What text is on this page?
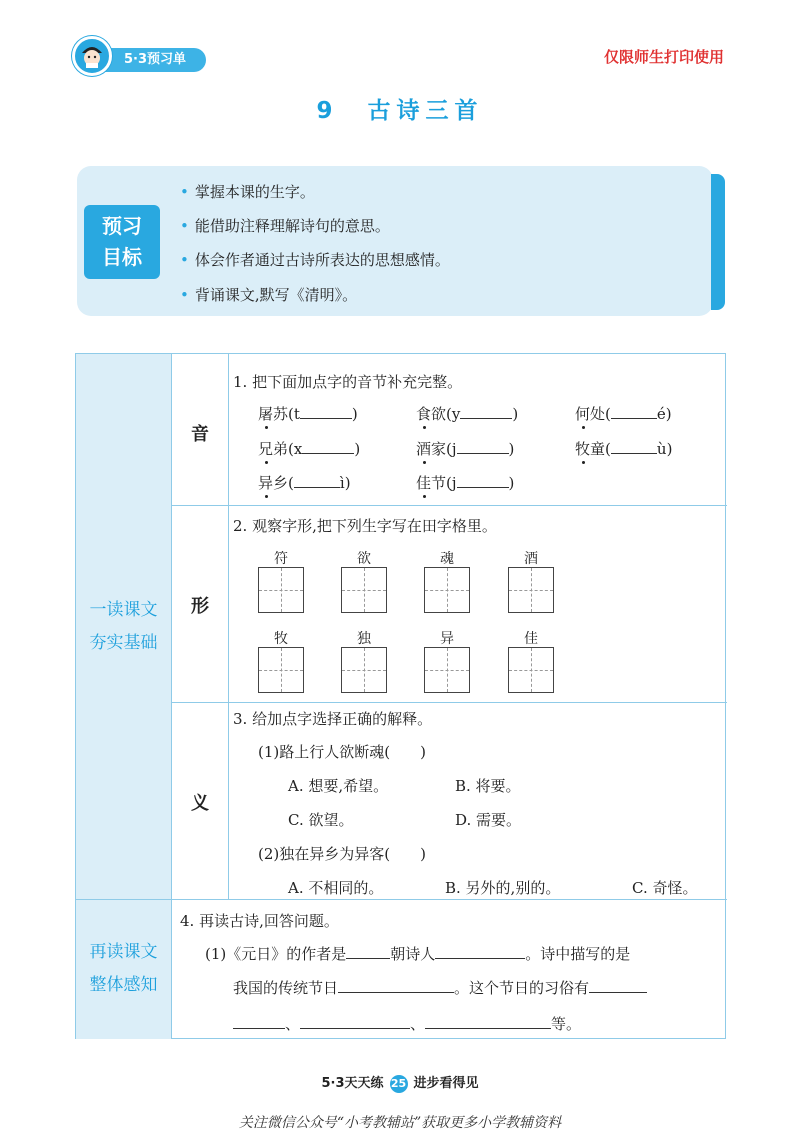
5·3预习单	仅限师生打印使用
9　古诗三首
预习
目标
• 掌握本课的生字。
• 能借助注释理解诗句的意思。
• 体会作者通过古诗所表达的思想感情。
• 背诵课文,默写《清明》。
一读课文
夯实基础
再读课文
整体感知
音
形
义
1. 把下面加点字的音节补充完整。
屠苏(t	)	食欲(y	)	何处(	é)
兄弟(x	)	酒家(j	)	牧童(	ù)
异乡(	ì)	佳节(j	)
2. 观察字形,把下列生字写在田字格里。
符	欲	魂	酒
牧	独	异	佳
3. 给加点字选择正确的解释。
(1)路上行人欲断魂(　　)
A. 想要,希望。	B. 将要。
C. 欲望。	D. 需要。
(2)独在异乡为异客(　　)
A. 不相同的。	B. 另外的,别的。	C. 奇怪。
4. 再读古诗,回答问题。
(1)《元日》的作者是	朝诗人	。诗中描写的是
我国的传统节日	。这个节日的习俗有
、	、	等。
5·3天天练 25 进步看得见
关注微信公众号“小考教辅站”获取更多小学教辅资料
